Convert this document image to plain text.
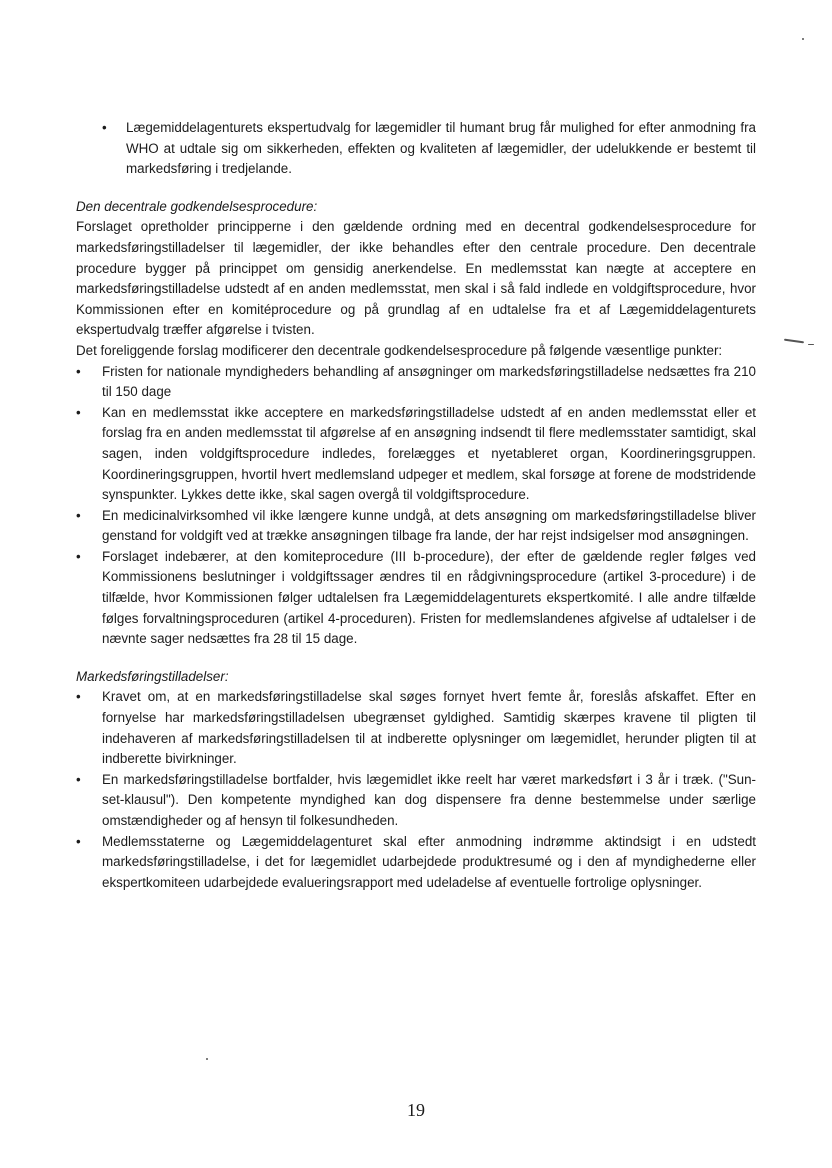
• Lægemiddelagenturets ekspertudvalg for lægemidler til humant brug får mulighed for efter anmodning fra WHO at udtale sig om sikkerheden, effekten og kvaliteten af lægemidler, der udelukkende er bestemt til markedsføring i tredjelande.

Den decentrale godkendelsesprocedure:

Forslaget opretholder principperne i den gældende ordning med en decentral godkendelsesprocedure for markedsføringstilladelser til lægemidler, der ikke behandles efter den centrale procedure. Den decentrale procedure bygger på princippet om gensidig anerkendelse. En medlemsstat kan nægte at acceptere en markedsføringstilladelse udstedt af en anden medlemsstat, men skal i så fald indlede en voldgiftsprocedure, hvor Kommissionen efter en komitéprocedure og på grundlag af en udtalelse fra et af Lægemiddelagenturets ekspertudvalg træffer afgørelse i tvisten.

Det foreliggende forslag modificerer den decentrale godkendelsesprocedure på følgende væsentlige punkter:

• Fristen for nationale myndigheders behandling af ansøgninger om markedsføringstilladelse nedsættes fra 210 til 150 dage
• Kan en medlemsstat ikke acceptere en markedsføringstilladelse udstedt af en anden medlemsstat eller et forslag fra en anden medlemsstat til afgørelse af en ansøgning indsendt til flere medlemsstater samtidigt, skal sagen, inden voldgiftsprocedure indledes, forelægges et nyetableret organ, Koordineringsgruppen. Koordineringsgruppen, hvortil hvert medlemsland udpeger et medlem, skal forsøge at forene de modstridende synspunkter. Lykkes dette ikke, skal sagen overgå til voldgiftsprocedure.
• En medicinalvirksomhed vil ikke længere kunne undgå, at dets ansøgning om markedsføringstilladelse bliver genstand for voldgift ved at trække ansøgningen tilbage fra lande, der har rejst indsigelser mod ansøgningen.
• Forslaget indebærer, at den komiteprocedure (III b-procedure), der efter de gældende regler følges ved Kommissionens beslutninger i voldgiftssager ændres til en rådgivningsprocedure (artikel 3-procedure) i de tilfælde, hvor Kommissionen følger udtalelsen fra Lægemiddelagenturets ekspertkomité. I alle andre tilfælde følges forvaltningsproceduren (artikel 4-proceduren). Fristen for medlemslandenes afgivelse af udtalelser i de nævnte sager nedsættes fra 28 til 15 dage.

Markedsføringstilladelser:

• Kravet om, at en markedsføringstilladelse skal søges fornyet hvert femte år, foreslås afskaffet. Efter en fornyelse har markedsføringstilladelsen ubegrænset gyldighed. Samtidig skærpes kravene til pligten til indehaveren af markedsføringstilladelsen til at indberette oplysninger om lægemidlet, herunder pligten til at indberette bivirkninger.
• En markedsføringstilladelse bortfalder, hvis lægemidlet ikke reelt har været markedsført i 3 år i træk. ("Sun-set-klausul"). Den kompetente myndighed kan dog dispensere fra denne bestemmelse under særlige omstændigheder og af hensyn til folkesundheden.
• Medlemsstaterne og Lægemiddelagenturet skal efter anmodning indrømme aktindsigt i en udstedt markedsføringstilladelse, i det for lægemidlet udarbejdede produktresumé og i den af myndighederne eller ekspertkomiteen udarbejdede evalueringsrapport med udeladelse af eventuelle fortrolige oplysninger.
19
